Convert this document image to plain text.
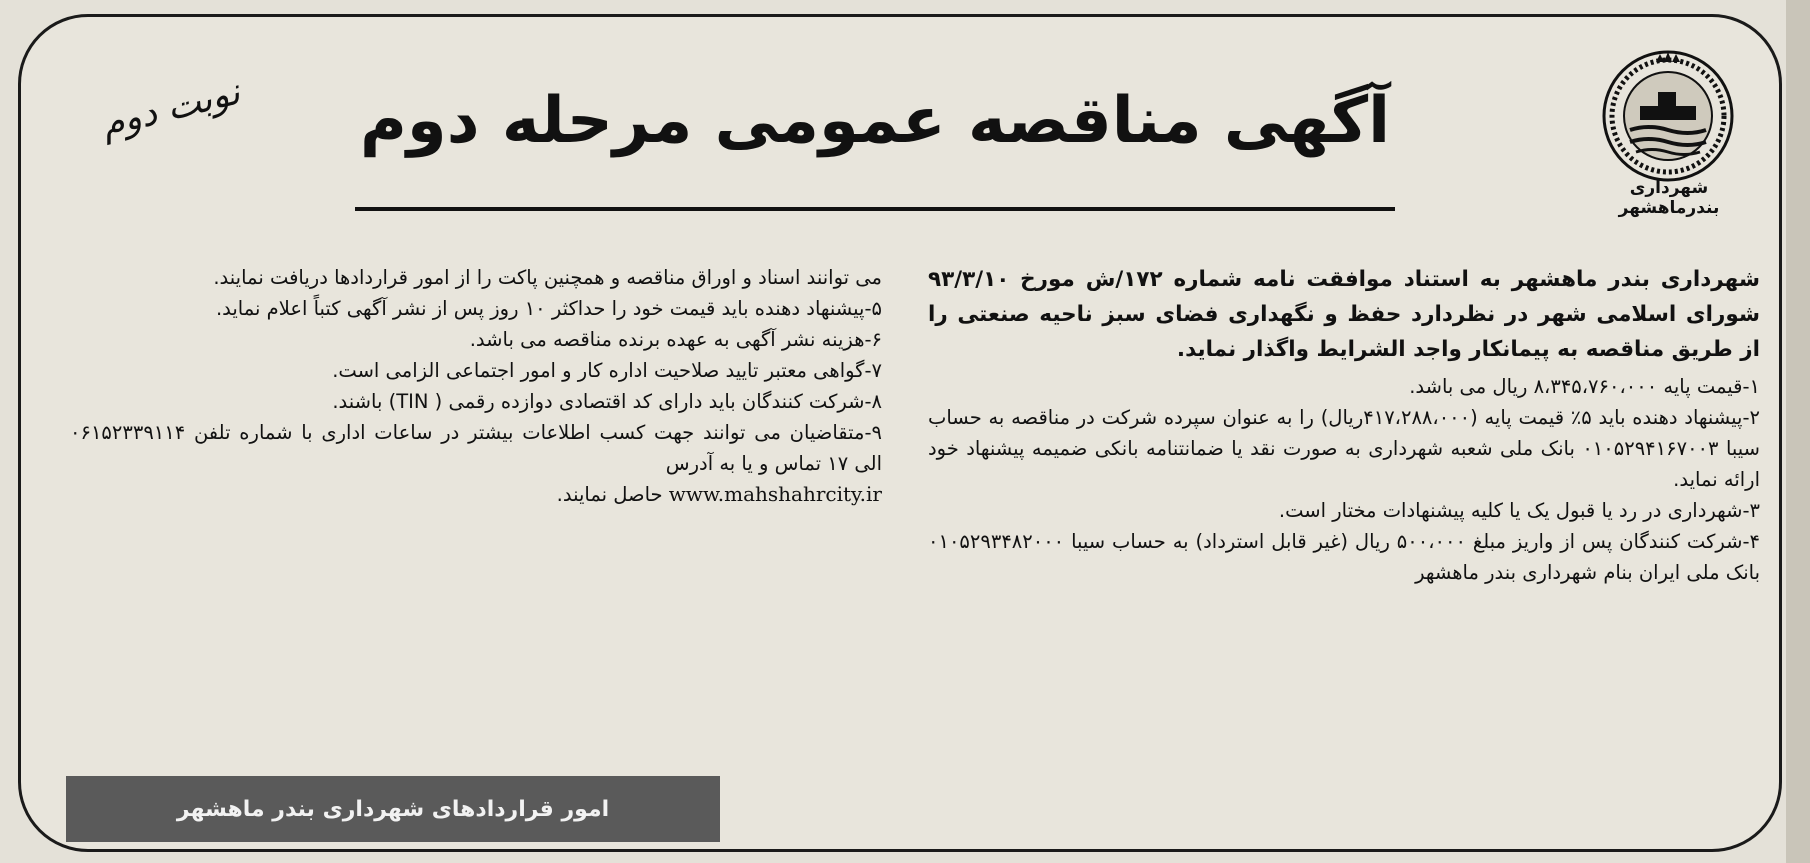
شهرداری بندرماهشهر
آگهی مناقصه عمومی مرحله دوم
نوبت دوم

شهرداری بندر ماهشهر به استناد موافقت نامه شماره ۱۷۲/ش مورخ ۹۳/۳/۱۰ شورای اسلامی شهر در نظردارد حفظ و نگهداری فضای سبز ناحیه صنعتی را از طریق مناقصه به پیمانکار واجد الشرایط واگذار نماید.

۱-قیمت پایه ۸،۳۴۵،۷۶۰،۰۰۰ ریال می باشد.

۲-پیشنهاد دهنده باید ۵٪ قیمت پایه (۴۱۷،۲۸۸،۰۰۰ریال) را به عنوان سپرده شرکت در مناقصه به حساب سیبا ۰۱۰۵۲۹۴۱۶۷۰۰۳ بانک ملی شعبه شهرداری به صورت نقد یا ضمانتنامه بانکی ضمیمه پیشنهاد خود ارائه نماید.

۳-شهرداری در رد یا قبول یک یا کلیه پیشنهادات مختار است.

۴-شرکت کنندگان پس از واریز مبلغ ۵۰۰،۰۰۰ ریال (غیر قابل استرداد) به حساب سیبا ۰۱۰۵۲۹۳۴۸۲۰۰۰ بانک ملی ایران بنام شهرداری بندر ماهشهر

می توانند اسناد و اوراق مناقصه و همچنین پاکت را از امور قراردادها دریافت نمایند.

۵-پیشنهاد دهنده باید قیمت خود را حداکثر ۱۰ روز پس از نشر آگهی کتباً اعلام نماید.

۶-هزینه نشر آگهی به عهده برنده مناقصه می باشد.

۷-گواهی معتبر تایید صلاحیت اداره کار و امور اجتماعی الزامی است.

۸-شرکت کنندگان باید دارای کد اقتصادی دوازده رقمی ( TIN) باشند.

۹-متقاضیان می توانند جهت کسب اطلاعات بیشتر در ساعات اداری با شماره تلفن ۰۶۱۵۲۳۳۹۱۱۴ الی ۱۷ تماس و یا به آدرس

www.mahshahrcity.ir حاصل نمایند.

امور قراردادهای شهرداری بندر ماهشهر
